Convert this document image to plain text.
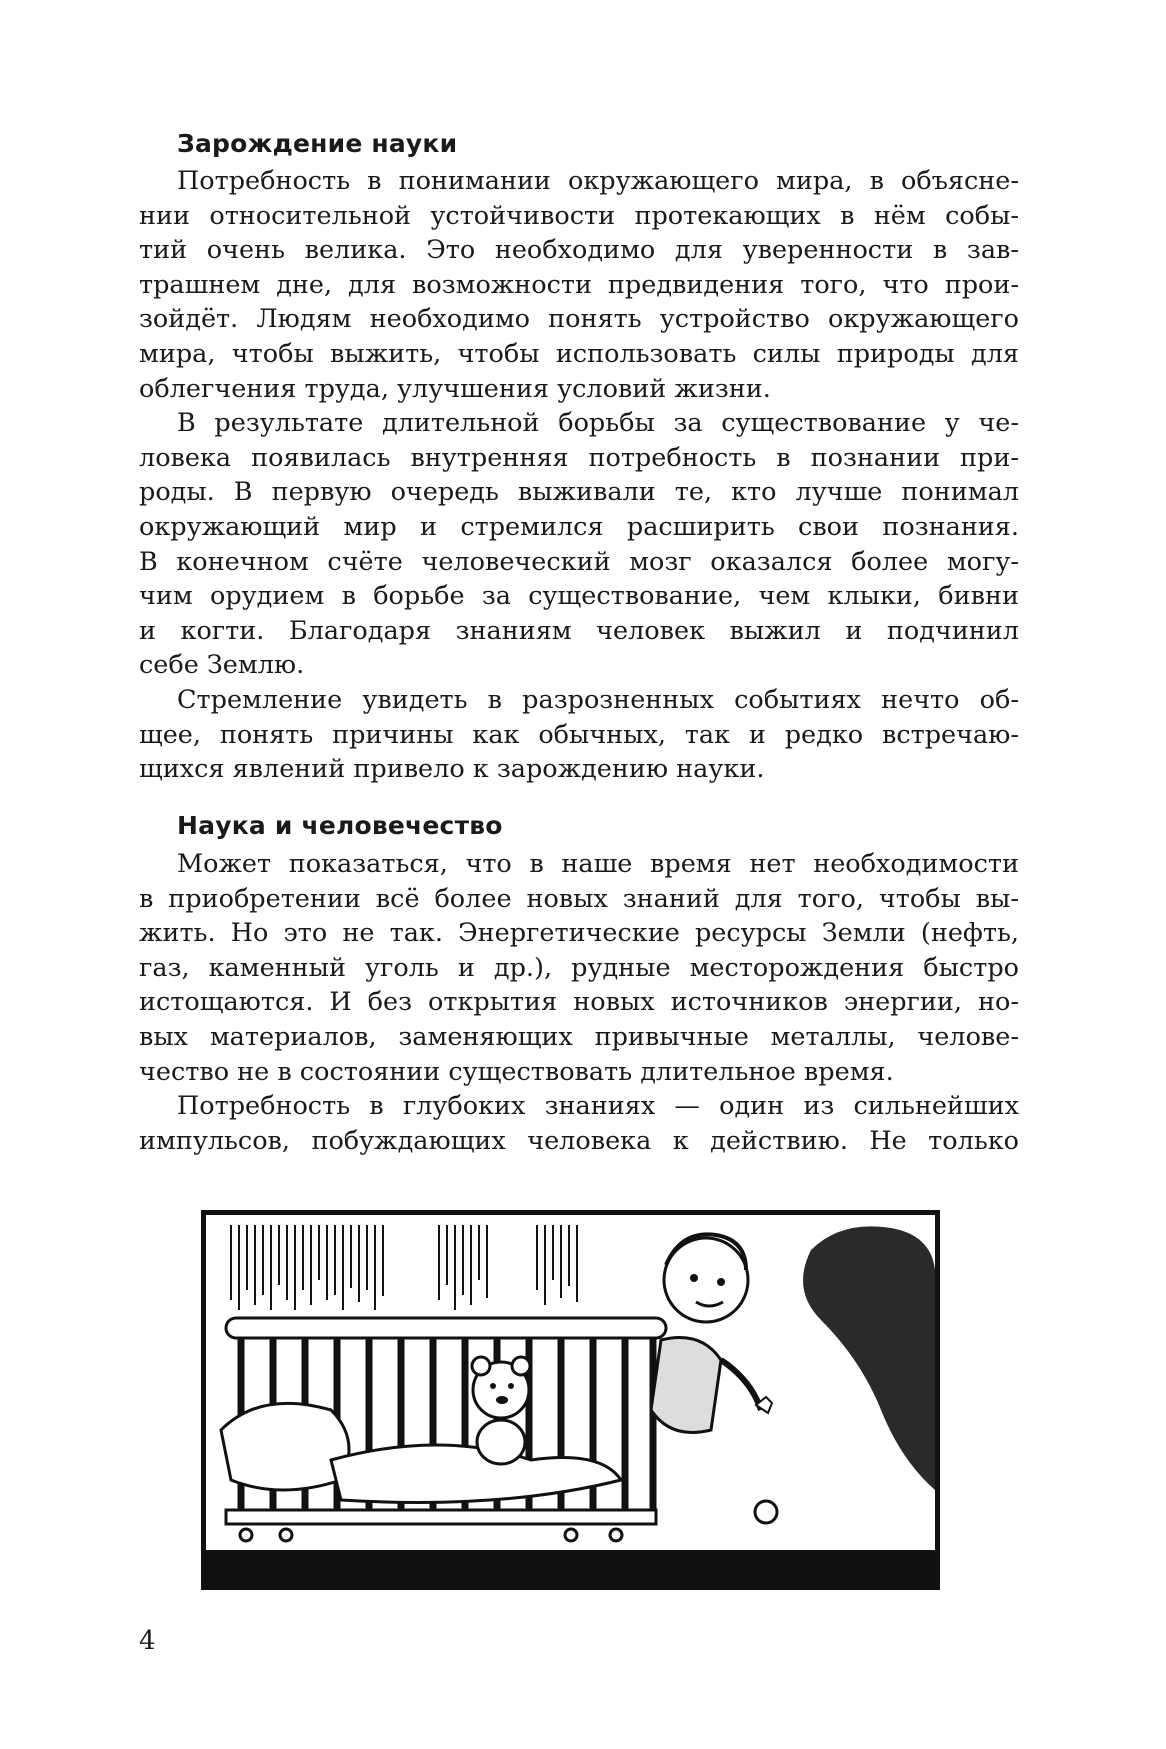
Зарождение науки
Потребность в понимании окружающего мира, в объясне-
нии относительной устойчивости протекающих в нём собы-
тий очень велика. Это необходимо для уверенности в зав-
трашнем дне, для возможности предвидения того, что прои-
зойдёт. Людям необходимо понять устройство окружающего
мира, чтобы выжить, чтобы использовать силы природы для
облегчения труда, улучшения условий жизни.
В результате длительной борьбы за существование у че-
ловека появилась внутренняя потребность в познании при-
роды. В первую очередь выживали те, кто лучше понимал
окружающий мир и стремился расширить свои познания.
В конечном счёте человеческий мозг оказался более могу-
чим орудием в борьбе за существование, чем клыки, бивни
и когти. Благодаря знаниям человек выжил и подчинил
себе Землю.
Стремление увидеть в разрозненных событиях нечто об-
щее, понять причины как обычных, так и редко встречаю-
щихся явлений привело к зарождению науки.
Наука и человечество
Может показаться, что в наше время нет необходимости
в приобретении всё более новых знаний для того, чтобы вы-
жить. Но это не так. Энергетические ресурсы Земли (нефть,
газ, каменный уголь и др.), рудные месторождения быстро
истощаются. И без открытия новых источников энергии, но-
вых материалов, заменяющих привычные металлы, челове-
чество не в состоянии существовать длительное время.
Потребность в глубоких знаниях — один из сильнейших
импульсов, побуждающих человека к действию. Не только
4
